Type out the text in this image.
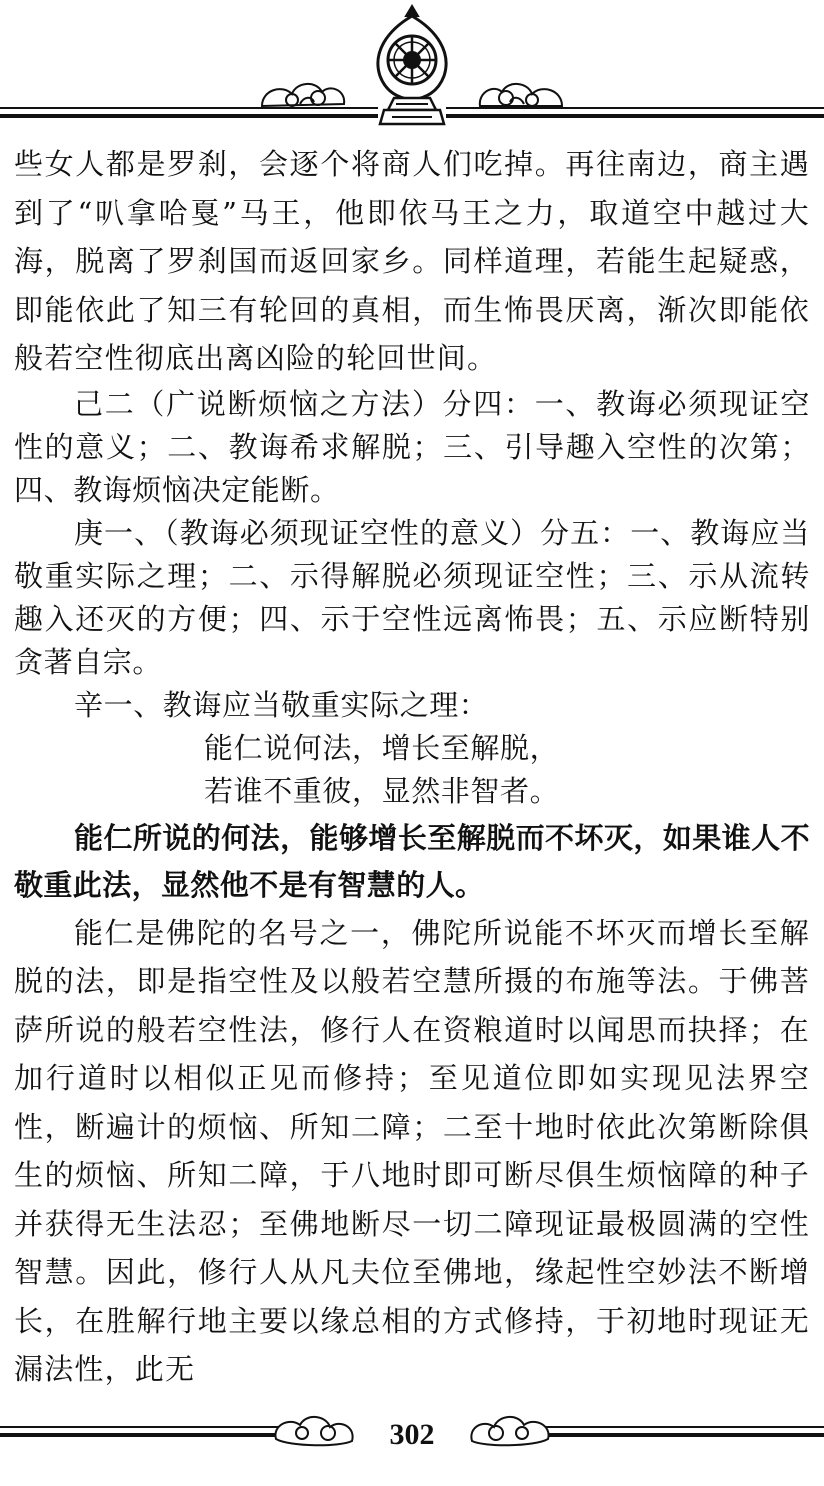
些女人都是罗刹，会逐个将商人们吃掉。再往南边，商主遇到了“叭拿哈戛”马王，他即依马王之力，取道空中越过大海，脱离了罗刹国而返回家乡。同样道理，若能生起疑惑，即能依此了知三有轮回的真相，而生怖畏厌离，渐次即能依般若空性彻底出离凶险的轮回世间。

己二（广说断烦恼之方法）分四：一、教诲必须现证空性的意义；二、教诲希求解脱；三、引导趣入空性的次第；四、教诲烦恼决定能断。

庚一、（教诲必须现证空性的意义）分五：一、教诲应当敬重实际之理；二、示得解脱必须现证空性；三、示从流转趣入还灭的方便；四、示于空性远离怖畏；五、示应断特别贪著自宗。

辛一、教诲应当敬重实际之理：

能仁说何法，增长至解脱，

若谁不重彼，显然非智者。

能仁所说的何法，能够增长至解脱而不坏灭，如果谁人不敬重此法，显然他不是有智慧的人。

能仁是佛陀的名号之一，佛陀所说能不坏灭而增长至解脱的法，即是指空性及以般若空慧所摄的布施等法。于佛菩萨所说的般若空性法，修行人在资粮道时以闻思而抉择；在加行道时以相似正见而修持；至见道位即如实现见法界空性，断遍计的烦恼、所知二障；二至十地时依此次第断除俱生的烦恼、所知二障，于八地时即可断尽俱生烦恼障的种子并获得无生法忍；至佛地断尽一切二障现证最极圆满的空性智慧。因此，修行人从凡夫位至佛地，缘起性空妙法不断增长，在胜解行地主要以缘总相的方式修持，于初地时现证无漏法性，此无

302
